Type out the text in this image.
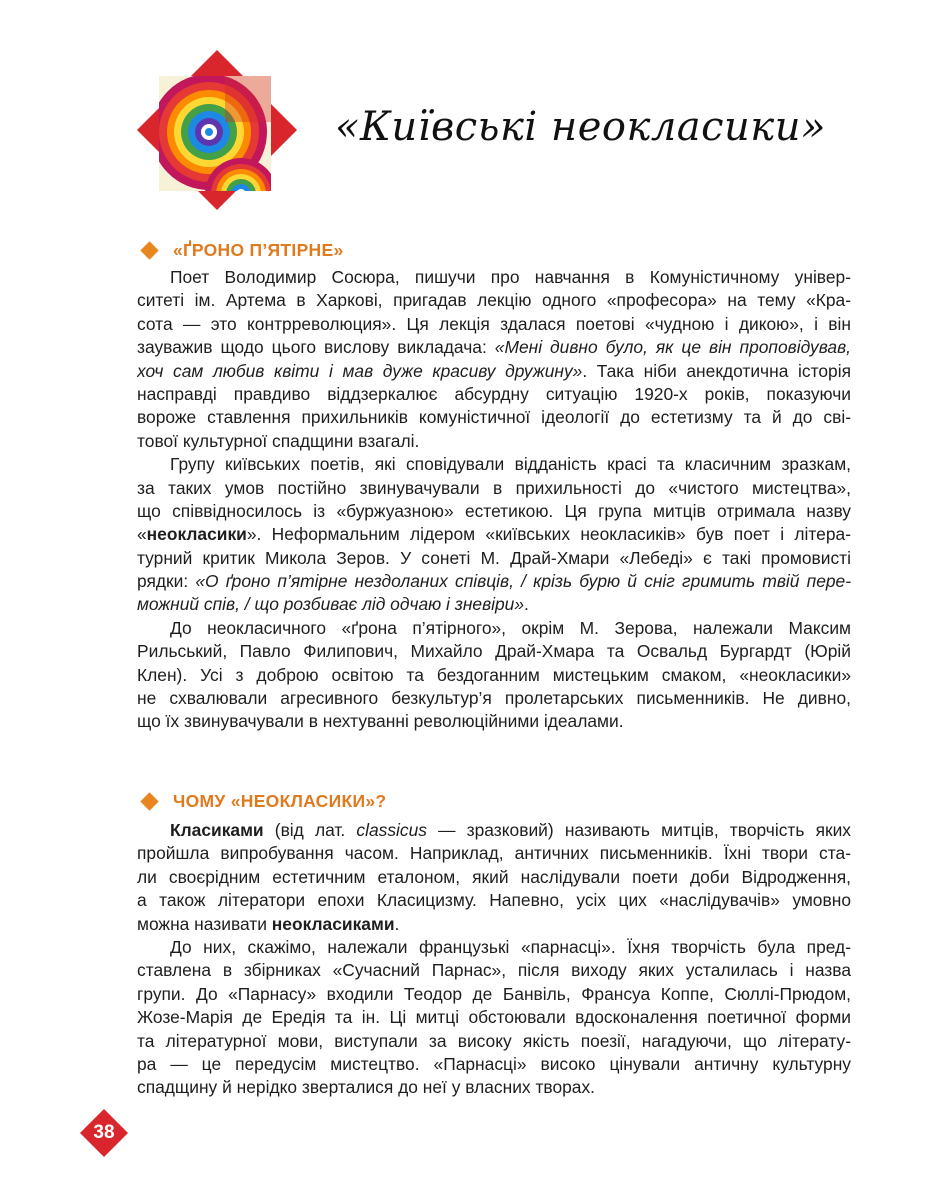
«Київські неокласики»
«ҐРОНО П’ЯТІРНЕ»
Поет Володимир Сосюра, пишучи про навчання в Комуністичному універ-
ситеті ім. Артема в Харкові, пригадав лекцію одного «професора» на тему «Кра-
сота — это контрреволюция». Ця лекція здалася поетові «чудною і дикою», і він
зауважив щодо цього вислову викладача: «Мені дивно було, як це він проповідував,
хоч сам любив квіти і мав дуже красиву дружину». Така ніби анекдотична історія
насправді правдиво віддзеркалює абсурдну ситуацію 1920-х років, показуючи
вороже ставлення прихильників комуністичної ідеології до естетизму та й до сві-
тової культурної спадщини взагалі.
Групу київських поетів, які сповідували відданість красі та класичним зразкам,
за таких умов постійно звинувачували в прихильності до «чистого мистецтва»,
що співвідносилось із «буржуазною» естетикою. Ця група митців отримала назву
«неокласики». Неформальним лідером «київських неокласиків» був поет і літера-
турний критик Микола Зеров. У сонеті М. Драй-Хмари «Лебеді» є такі промовисті
рядки: «О ґроно п’ятірне нездоланих співців, / крізь бурю й сніг гримить твій пере-
можний спів, / що розбиває лід одчаю і зневіри».
До неокласичного «ґрона п’ятірного», окрім М. Зерова, належали Максим
Рильський, Павло Филипович, Михайло Драй-Хмара та Освальд Бургардт (Юрій
Клен). Усі з доброю освітою та бездоганним мистецьким смаком, «неокласики»
не схвалювали агресивного безкультур’я пролетарських письменників. Не дивно,
що їх звинувачували в нехтуванні революційними ідеалами.
ЧОМУ «НЕОКЛАСИКИ»?
Класиками (від лат. classicus — зразковий) називають митців, творчість яких
пройшла випробування часом. Наприклад, античних письменників. Їхні твори ста-
ли своєрідним естетичним еталоном, який наслідували поети доби Відродження,
а також літератори епохи Класицизму. Напевно, усіх цих «наслідувачів» умовно
можна називати неокласиками.
До них, скажімо, належали французькі «парнасці». Їхня творчість була пред-
ставлена в збірниках «Сучасний Парнас», після виходу яких усталилась і назва
групи. До «Парнасу» входили Теодор де Банвіль, Франсуа Коппе, Сюллі-Прюдом,
Жозе-Марія де Ередія та ін. Ці митці обстоювали вдосконалення поетичної форми
та літературної мови, виступали за високу якість поезії, нагадуючи, що літерату-
ра — це передусім мистецтво. «Парнасці» високо цінували античну культурну
спадщину й нерідко зверталися до неї у власних творах.
38
